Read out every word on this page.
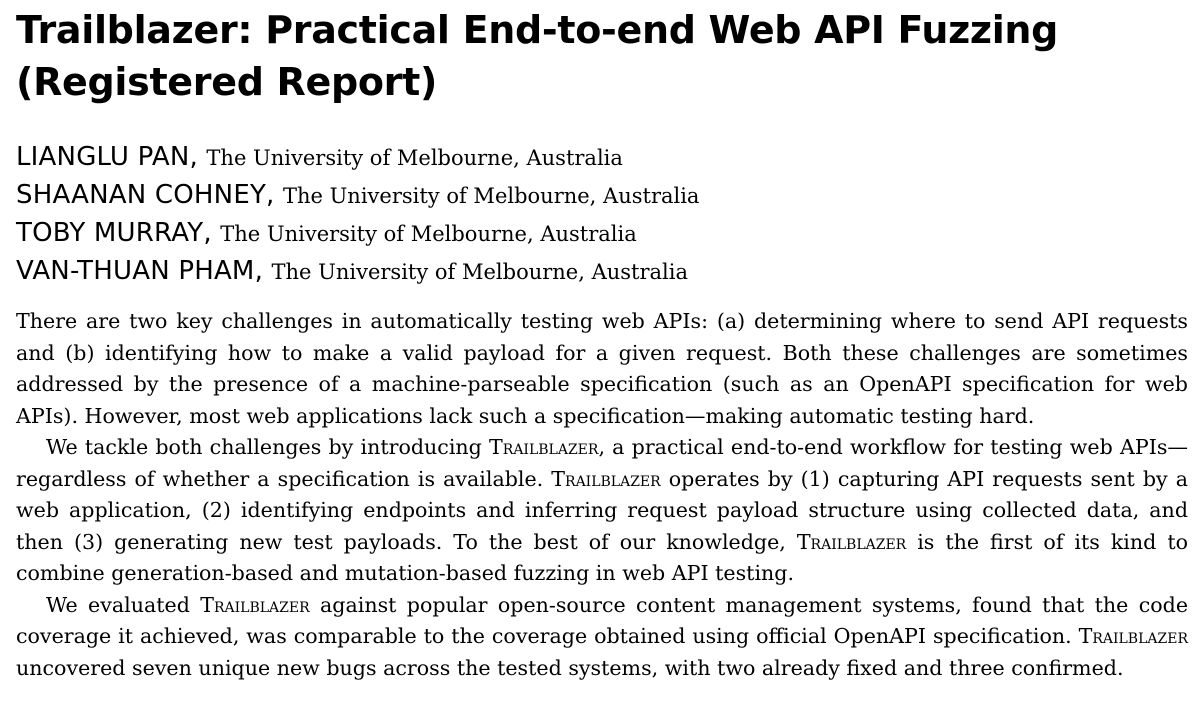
Trailblazer: Practical End-to-end Web API Fuzzing (Registered Report)
LIANGLU PAN, The University of Melbourne, Australia
SHAANAN COHNEY, The University of Melbourne, Australia
TOBY MURRAY, The University of Melbourne, Australia
VAN-THUAN PHAM, The University of Melbourne, Australia

There are two key challenges in automatically testing web APIs: (a) determining where to send API requests and (b) identifying how to make a valid payload for a given request. Both these challenges are sometimes addressed by the presence of a machine-parseable specification (such as an OpenAPI specification for web APIs). However, most web applications lack such a specification—making automatic testing hard.

We tackle both challenges by introducing Trailblazer, a practical end-to-end workflow for testing web APIs—regardless of whether a specification is available. Trailblazer operates by (1) capturing API requests sent by a web application, (2) identifying endpoints and inferring request payload structure using collected data, and then (3) generating new test payloads. To the best of our knowledge, Trailblazer is the first of its kind to combine generation-based and mutation-based fuzzing in web API testing.

We evaluated Trailblazer against popular open-source content management systems, found that the code coverage it achieved, was comparable to the coverage obtained using official OpenAPI specification. Trailblazer uncovered seven unique new bugs across the tested systems, with two already fixed and three confirmed.
